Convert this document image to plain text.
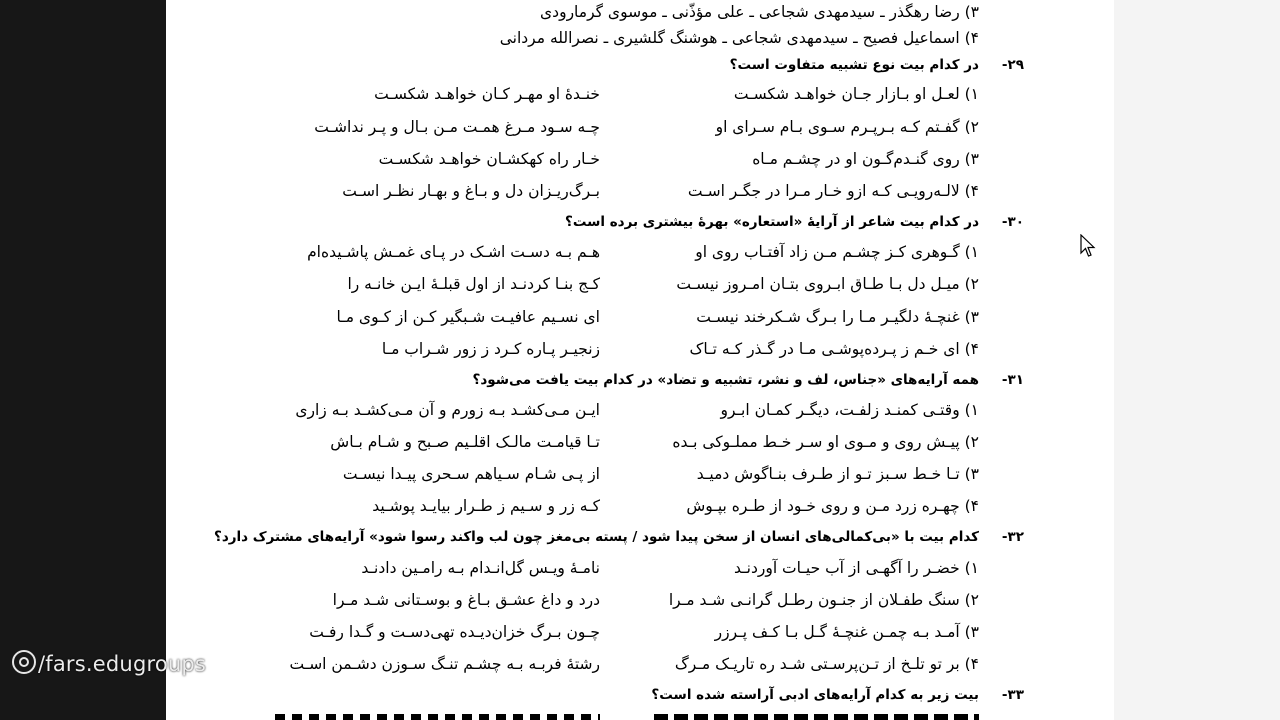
۳) رضا رهگذر ـ سیدمهدی شجاعی ـ علی مؤذّنی ـ موسوی گرمارودی
۴) اسماعیل فصیح ـ سیدمهدی شجاعی ـ هوشنگ گلشیری ـ نصرالله مردانی
۲۹-
در کدام بیت نوع تشبیه متفاوت است؟
۱) لعـل او بـازار جـان خواهـد شکسـت
خنـدۀ او مهـر کـان خواهـد شکسـت
۲) گفـتم کـه بـرپـرم سـوی بـام سـرای او
چـه سـود مـرغ همـت مـن بـال و پـر نداشـت
۳) روی گنـدم‌گـون او در چشـم مـاه
خـار راه کهکشـان خواهـد شکسـت
۴) لالـه‌رویـی کـه ازو خـار مـرا در جگـر اسـت
بـرگ‌ریـزان دل و بـاغ و بهـار نظـر اسـت
۳۰-
در کدام بیت شاعر از آرایۀ «استعاره» بهرۀ بیشتری برده است؟
۱) گـوهری کـز چشـم مـن زاد آفتـاب روی او
هـم بـه دسـت اشـک در پـای غمـش پاشـیده‌ام
۲) میـل دل بـا طـاق ابـروی بتـان امـروز نیسـت
کـج بنـا کردنـد از اول قبلـۀ ایـن خانـه را
۳) غنچـۀ دلگیـر مـا را بـرگ شـکرخند نیسـت
ای نسـیم عافیـت شـبگیر کـن از کـوی مـا
۴) ای خـم ز پـرده‌پوشـی مـا در گـذر کـه تـاک
زنجیـر پـاره کـرد ز زور شـراب مـا
۳۱-
همه آرایه‌های «جناس، لف و نشر، تشبیه و تضاد» در کدام بیت یافت می‌شود؟
۱) وقتـی کمنـد زلفـت، دیگـر کمـان ابـرو
ایـن مـی‌کشـد بـه زورم و آن مـی‌کشـد بـه زاری
۲) پیـش روی و مـوی او سـر خـط مملـوکی بـده
تـا قیامـت مالـک اقلـیم صـبح و شـام بـاش
۳) تـا خـط سـبز تـو از طـرف بنـاگوش دمیـد
از پـی شـام سـیاهم سـحری پیـدا نیسـت
۴) چهـره زرد مـن و روی خـود از طـره بپـوش
کـه زر و سـیم ز طـرار بیایـد پوشـید
۳۲-
کدام بیت با «بی‌کمالی‌های انسان از سخن پیدا شود / پسته بی‌مغز چون لب واکند رسوا شود» آرایه‌های مشترک دارد؟
۱) خضـر را آگهـی از آب حیـات آوردنـد
نامـۀ ویـس گل‌انـدام بـه رامـین دادنـد
۲) سنگ طفـلان از جنـون رطـل گرانـی شـد مـرا
درد و داغ عشـق بـاغ و بوسـتانی شـد مـرا
۳) آمـد بـه چمـن غنچـۀ گـل بـا کـف پـرزر
چـون بـرگ خزان‌دیـده تهی‌دسـت و گـدا رفـت
۴) بر تو تلـخ از تـن‌پرسـتی شـد ره تاریـک مـرگ
رشتۀ فربـه بـه چشـم تنـگ سـوزن دشـمن اسـت
۳۳-
بیت زیر به کدام آرایه‌های ادبی آراسته شده است؟
/fars.edugroups
